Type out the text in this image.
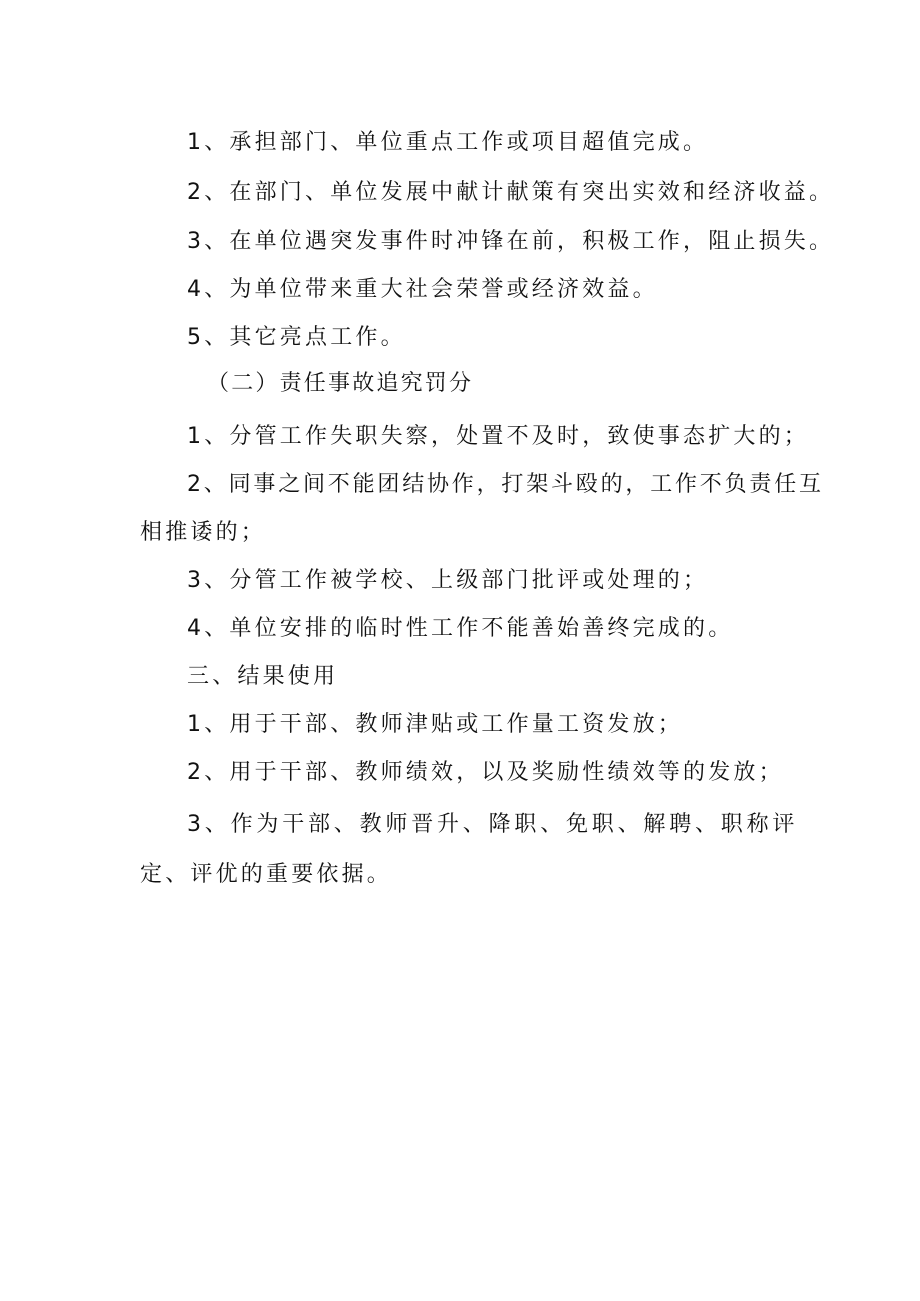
1、承担部门、单位重点工作或项目超值完成。
2、在部门、单位发展中献计献策有突出实效和经济收益。
3、在单位遇突发事件时冲锋在前，积极工作，阻止损失。
4、为单位带来重大社会荣誉或经济效益。
5、其它亮点工作。
（二）责任事故追究罚分
1、分管工作失职失察，处置不及时，致使事态扩大的；
2、同事之间不能团结协作，打架斗殴的，工作不负责任互
相推诿的；
3、分管工作被学校、上级部门批评或处理的；
4、单位安排的临时性工作不能善始善终完成的。
三、结果使用
1、用于干部、教师津贴或工作量工资发放；
2、用于干部、教师绩效，以及奖励性绩效等的发放；
3、作为干部、教师晋升、降职、免职、解聘、职称评
定、评优的重要依据。
